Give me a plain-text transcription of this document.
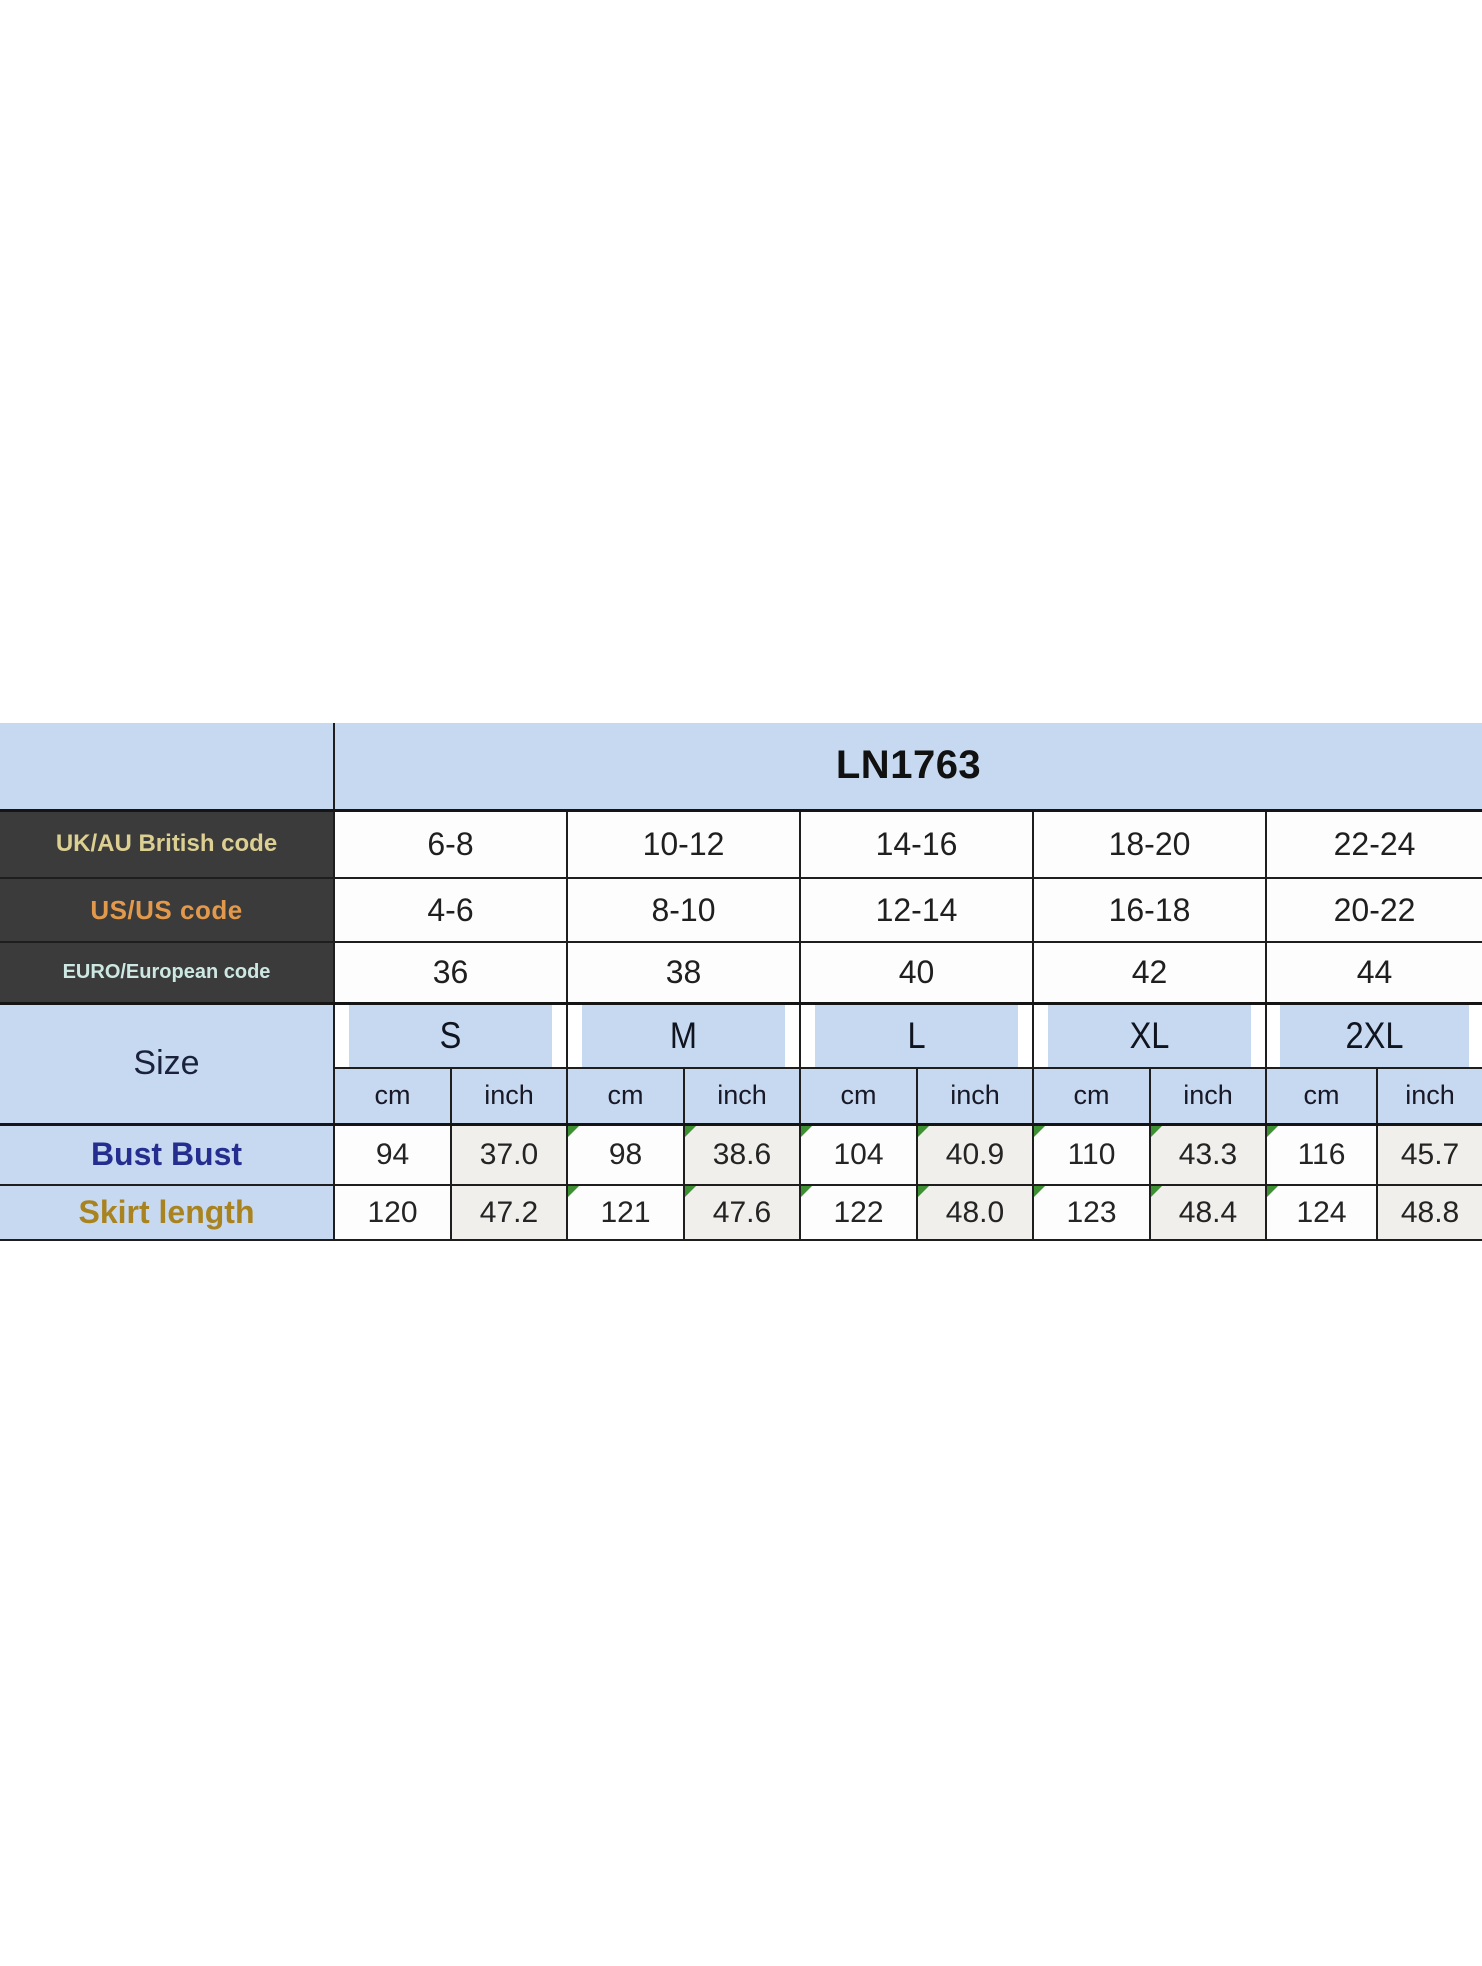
	LN1763									
UK/AU British code	6-8		10-12		14-16		18-20		22-24	
US/US code	4-6		8-10		12-14		16-18		20-22	
EURO/European code	36		38		40		42		44	
Size	S		M		L		XL		2XL	
	cm	inch	cm	inch	cm	inch	cm	inch	cm	inch
Bust Bust	94	37.0	98	38.6	104	40.9	110	43.3	116	45.7
Skirt length	120	47.2	121	47.6	122	48.0	123	48.4	124	48.8
